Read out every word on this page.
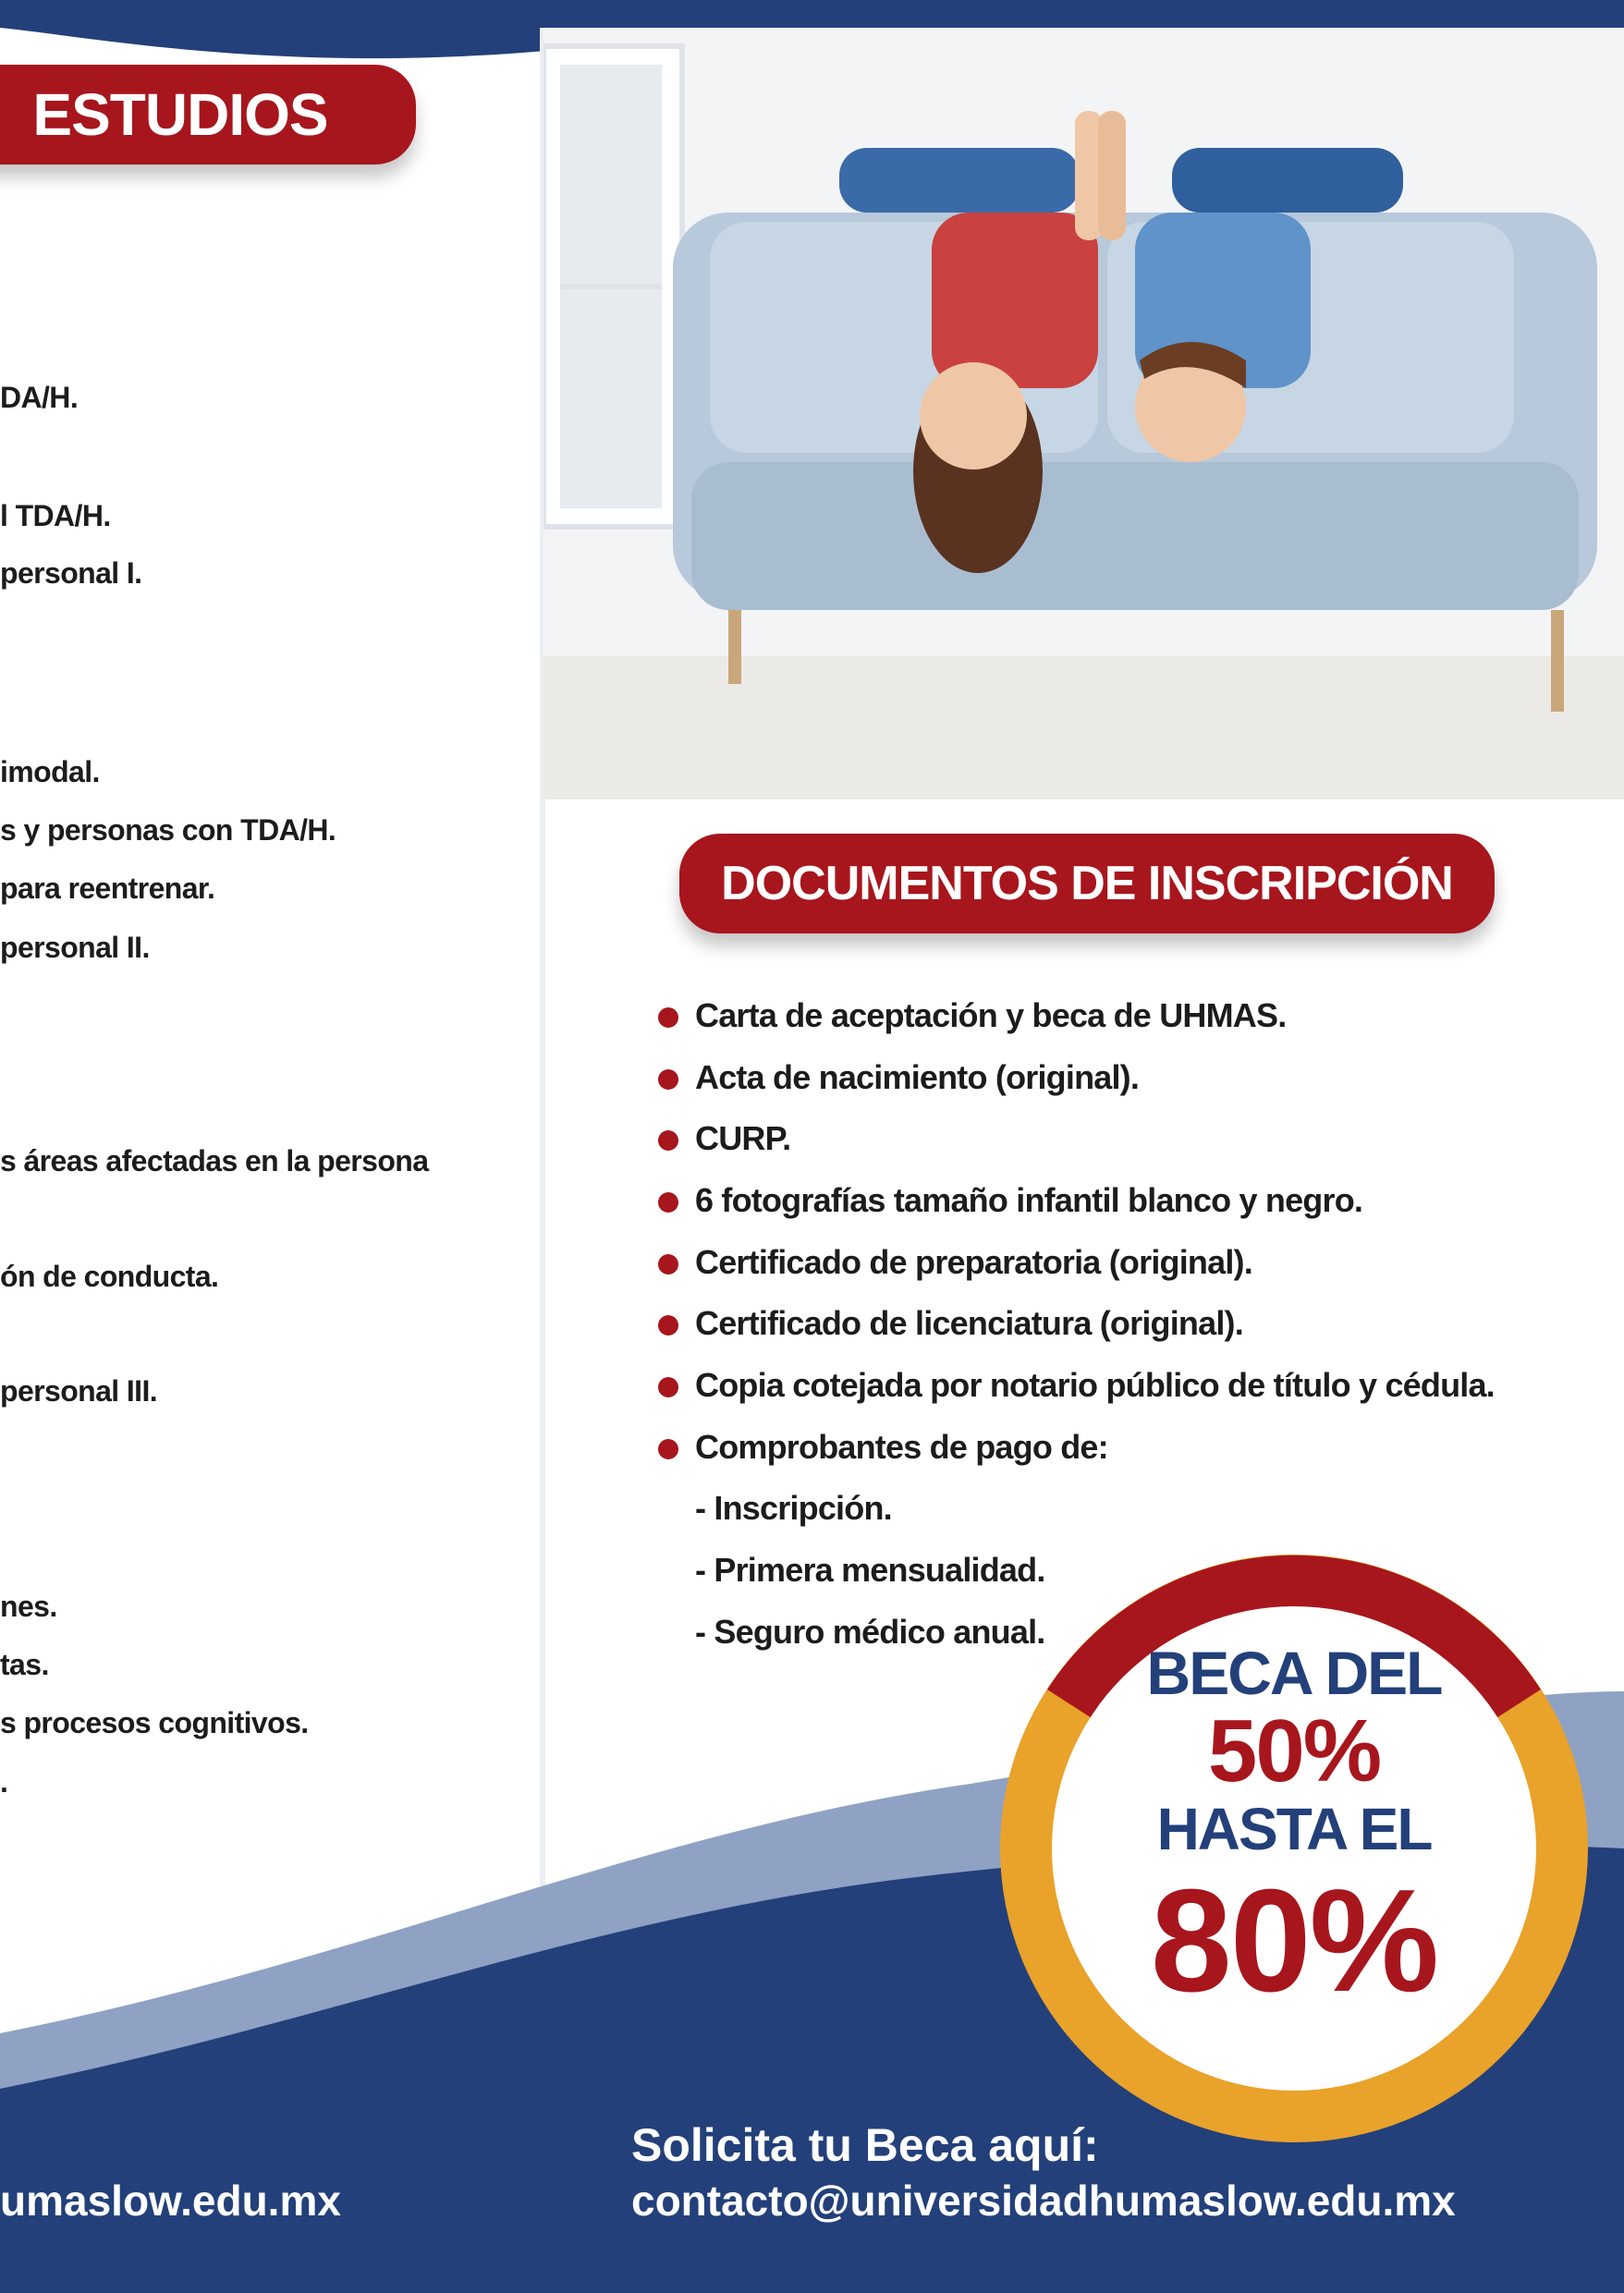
ESTUDIOS
DA/H.
l TDA/H.
personal I.
imodal.
s y personas con TDA/H.
para reentrenar.
personal II.
s áreas afectadas en la persona
ón de conducta.
personal III.
nes.
tas.
s procesos cognitivos.
.
DOCUMENTOS DE INSCRIPCIÓN
Carta de aceptación y beca de UHMAS.
Acta de nacimiento (original).
CURP.
6 fotografías tamaño infantil blanco y negro.
Certificado de preparatoria (original).
Certificado de licenciatura (original).
Copia cotejada por notario público de título y cédula.
Comprobantes de pago de:
- Inscripción.
- Primera mensualidad.
- Seguro médico anual.
BECA DEL
50%
HASTA EL
80%
umaslow.edu.mx
Solicita tu Beca aquí:
contacto@universidadhumaslow.edu.mx
